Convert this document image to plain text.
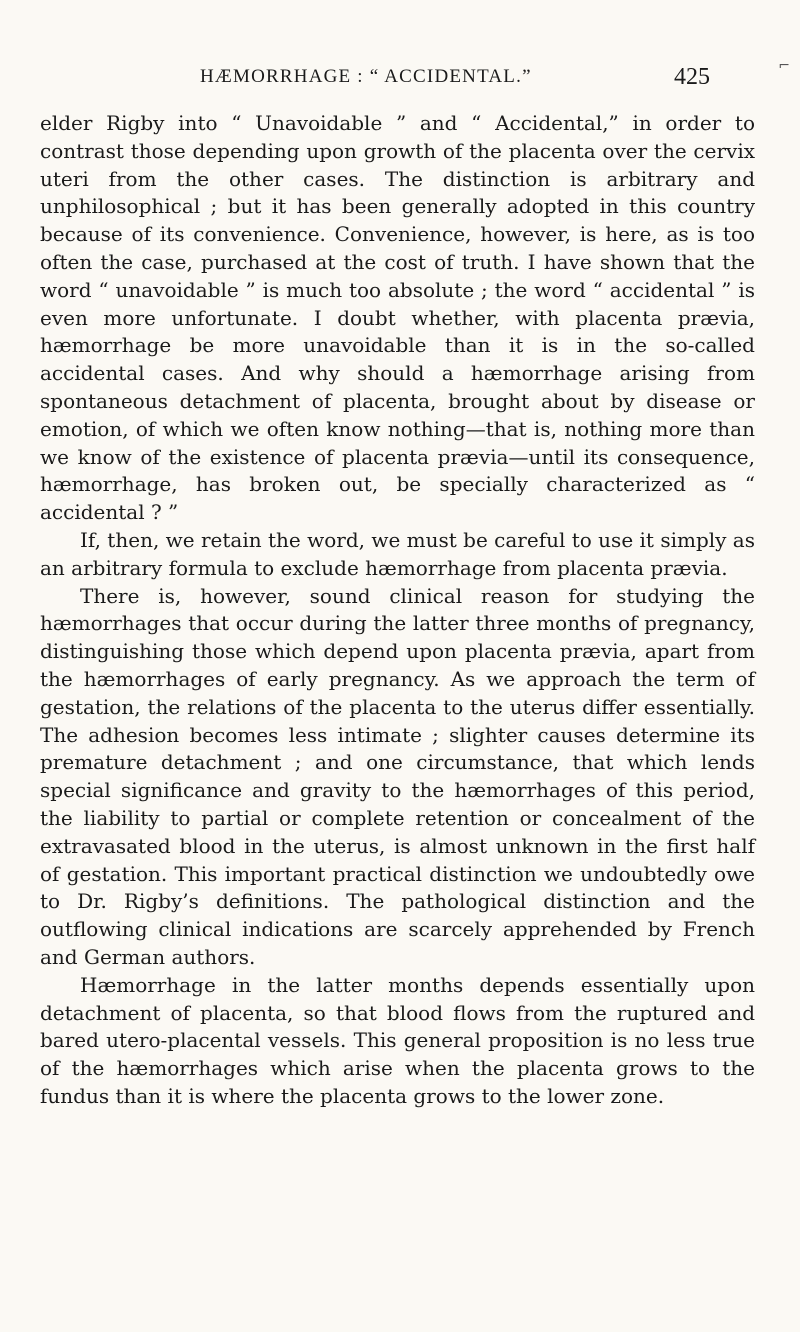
⌐
HÆMORRHAGE : “ ACCIDENTAL.”	425

elder Rigby into “ Unavoidable ” and “ Accidental,” in order to contrast those depending upon growth of the placenta over the cervix uteri from the other cases. The distinction is arbitrary and unphilosophical ; but it has been generally adopted in this country because of its convenience. Convenience, however, is here, as is too often the case, purchased at the cost of truth. I have shown that the word “ unavoidable ” is much too absolute ; the word “ accidental ” is even more unfortunate. I doubt whether, with placenta prævia, hæmorrhage be more unavoidable than it is in the so-called accidental cases. And why should a hæmorrhage arising from spontaneous detachment of placenta, brought about by disease or emotion, of which we often know nothing—that is, nothing more than we know of the existence of placenta prævia—until its consequence, hæmorrhage, has broken out, be specially characterized as “ accidental ? ”

If, then, we retain the word, we must be careful to use it simply as an arbitrary formula to exclude hæmorrhage from placenta prævia.

There is, however, sound clinical reason for studying the hæmorrhages that occur during the latter three months of pregnancy, distinguishing those which depend upon placenta prævia, apart from the hæmorrhages of early pregnancy. As we approach the term of gestation, the relations of the placenta to the uterus differ essentially. The adhesion becomes less intimate ; slighter causes determine its premature detachment ; and one circumstance, that which lends special significance and gravity to the hæmorrhages of this period, the liability to partial or complete retention or concealment of the extravasated blood in the uterus, is almost unknown in the first half of gestation. This important practical distinction we undoubtedly owe to Dr. Rigby’s definitions. The pathological distinction and the outflowing clinical indications are scarcely apprehended by French and German authors.

Hæmorrhage in the latter months depends essentially upon detachment of placenta, so that blood flows from the ruptured and bared utero-placental vessels. This general proposition is no less true of the hæmorrhages which arise when the placenta grows to the fundus than it is where the placenta grows to the lower zone.
